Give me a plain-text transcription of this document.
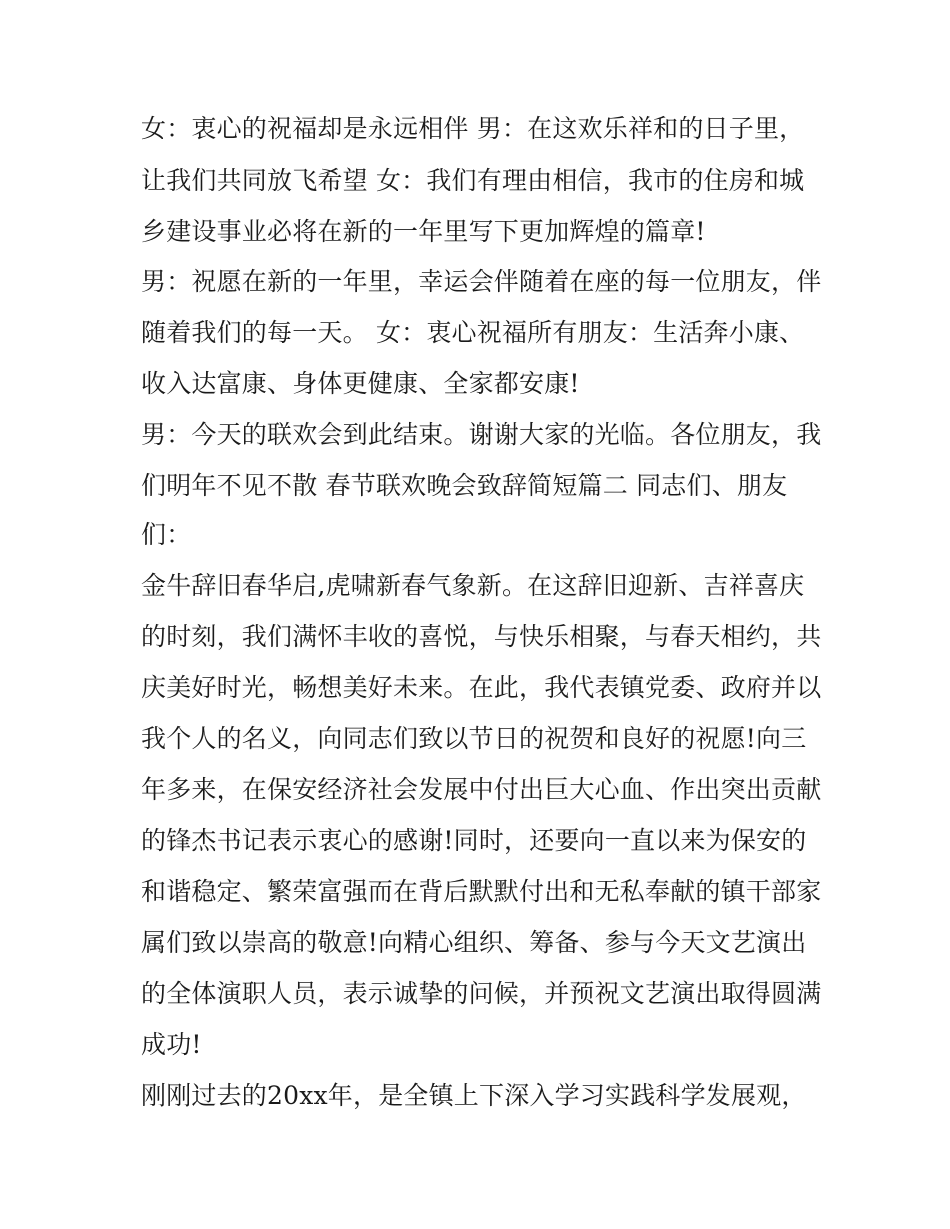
女：衷心的祝福却是永远相伴 男：在这欢乐祥和的日子里，
让我们共同放飞希望 女：我们有理由相信，我市的住房和城
乡建设事业必将在新的一年里写下更加辉煌的篇章!
男：祝愿在新的一年里，幸运会伴随着在座的每一位朋友，伴
随着我们的每一天。 女：衷心祝福所有朋友：生活奔小康、
收入达富康、身体更健康、全家都安康!
男：今天的联欢会到此结束。谢谢大家的光临。各位朋友，我
们明年不见不散 春节联欢晚会致辞简短篇二 同志们、朋友
们：
金牛辞旧春华启,虎啸新春气象新。在这辞旧迎新、吉祥喜庆
的时刻，我们满怀丰收的喜悦，与快乐相聚，与春天相约，共
庆美好时光，畅想美好未来。在此，我代表镇党委、政府并以
我个人的名义，向同志们致以节日的祝贺和良好的祝愿!向三
年多来，在保安经济社会发展中付出巨大心血、作出突出贡献
的锋杰书记表示衷心的感谢!同时，还要向一直以来为保安的
和谐稳定、繁荣富强而在背后默默付出和无私奉献的镇干部家
属们致以崇高的敬意!向精心组织、筹备、参与今天文艺演出
的全体演职人员，表示诚挚的问候，并预祝文艺演出取得圆满
成功!
刚刚过去的20xx年，是全镇上下深入学习实践科学发展观，
